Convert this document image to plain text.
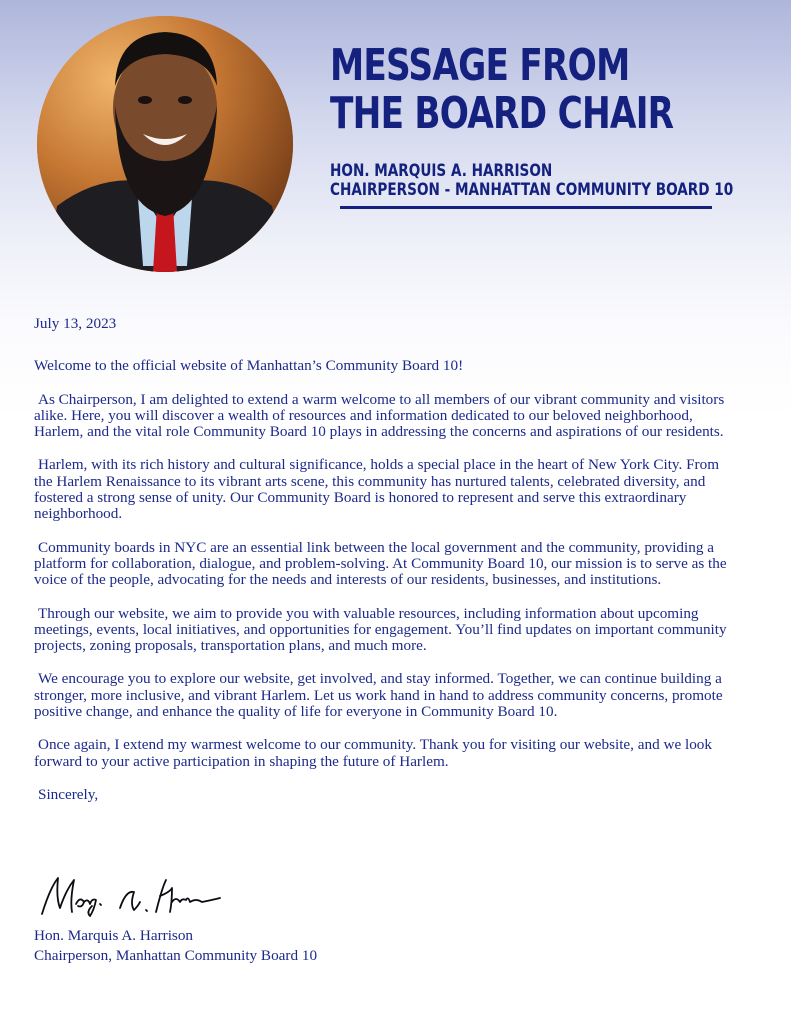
MESSAGE FROM
THE BOARD CHAIR
HON. MARQUIS A. HARRISON
CHAIRPERSON - MANHATTAN COMMUNITY BOARD 10

July 13, 2023

Welcome to the official website of Manhattan’s Community Board 10!

As Chairperson, I am delighted to extend a warm welcome to all members of our vibrant community and visitors alike. Here, you will discover a wealth of resources and information dedicated to our beloved neighborhood, Harlem, and the vital role Community Board 10 plays in addressing the concerns and aspirations of our residents.

Harlem, with its rich history and cultural significance, holds a special place in the heart of New York City. From the Harlem Renaissance to its vibrant arts scene, this community has nurtured talents, celebrated diversity, and fostered a strong sense of unity. Our Community Board is honored to represent and serve this extraordinary neighborhood.

Community boards in NYC are an essential link between the local government and the community, providing a platform for collaboration, dialogue, and problem-solving. At Community Board 10, our mission is to serve as the voice of the people, advocating for the needs and interests of our residents, businesses, and institutions.

Through our website, we aim to provide you with valuable resources, including information about upcoming meetings, events, local initiatives, and opportunities for engagement. You’ll find updates on important community projects, zoning proposals, transportation plans, and much more.

We encourage you to explore our website, get involved, and stay informed. Together, we can continue building a stronger, more inclusive, and vibrant Harlem. Let us work hand in hand to address community concerns, promote positive change, and enhance the quality of life for everyone in Community Board 10.

Once again, I extend my warmest welcome to our community. Thank you for visiting our website, and we look forward to your active participation in shaping the future of Harlem.

Sincerely,

Hon. Marquis A. Harrison
Chairperson, Manhattan Community Board 10
